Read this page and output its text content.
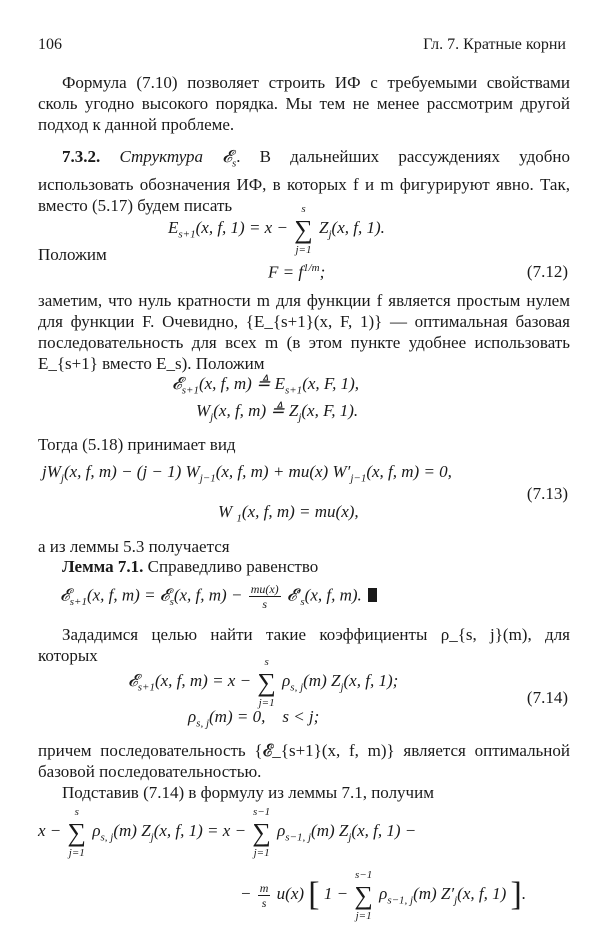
106	Гл. 7. Кратные корни

Формула (7.10) позволяет строить ИФ с требуемыми свойствами сколь угодно высокого порядка. Мы тем не менее рассмотрим другой подход к данной проблеме.

7.3.2. Структура 𝓔$_s$. В дальнейших рассуждениях удобно использовать обозначения ИФ, в которых f и m фигурируют явно. Так, вместо (5.17) будем писать

$E_{s+1}(x$, f, 1) = x − ∑
s
j=1
$Z_j(x$, f, 1).

Положим

$F = f^{1/m}$;	(7.12)

заметим, что нуль кратности m для функции f является простым нулем для функции F. Очевидно, {E_{s+1}(x, F, 1)} — оптимальная базовая последовательность для всех m (в этом пункте удобнее использовать E_{s+1} вместо E_s). Положим

𝓔$_{s+1}$(x, f, m) ≜ $E_{s+1}(x$, F, 1),
$W_j(x$, f, m) ≜ $Z_j(x$, F, 1).

Тогда (5.18) принимает вид

$jW_j(x$, f, m) − (j − 1) $W_{j-1}(x$, f, m) + mu(x) $W'_{j-1}(x$, f, m) = 0,
(7.13)
W $_1$(x, f, m) = mu(x),

а из леммы 5.3 получается

Лемма 7.1. Справедливо равенство

𝓔$_{s+1}$(x, f, m) = 𝓔$_s$(x, f, $m) - \frac{mu(x)}{s}$ $𝓔'_s(x$, f, m).

Зададимся целью найти такие коэффициенты ρ_{s, j}(m), для которых

𝓔$_{s+1}$(x, f, m) = x − ∑
s
j=1
$\rho_{s, j}(m)$ $Z_j(x$, f, 1);
(7.14)
$\rho_{s, j}(m) = 0$,    s < j;

причем последовательность {𝓔_{s+1}(x, f, m)} является оптимальной базовой последовательностью.

Подставив (7.14) в формулу из леммы 7.1, получим

x − ∑
s
j=1
$\rho_{s, j}(m)$ $Z_j(x$, f, 1) = x − ∑
s−1
j=1
$\rho_{s-1, j}(m)$ $Z_j(x$, f, 1) −
− $\frac{m}{s} u(x)$ [ 1 − ∑
s−1
j=1
$\rho_{s-1, j}(m)$ $Z'_j(x$, f, 1) ].
